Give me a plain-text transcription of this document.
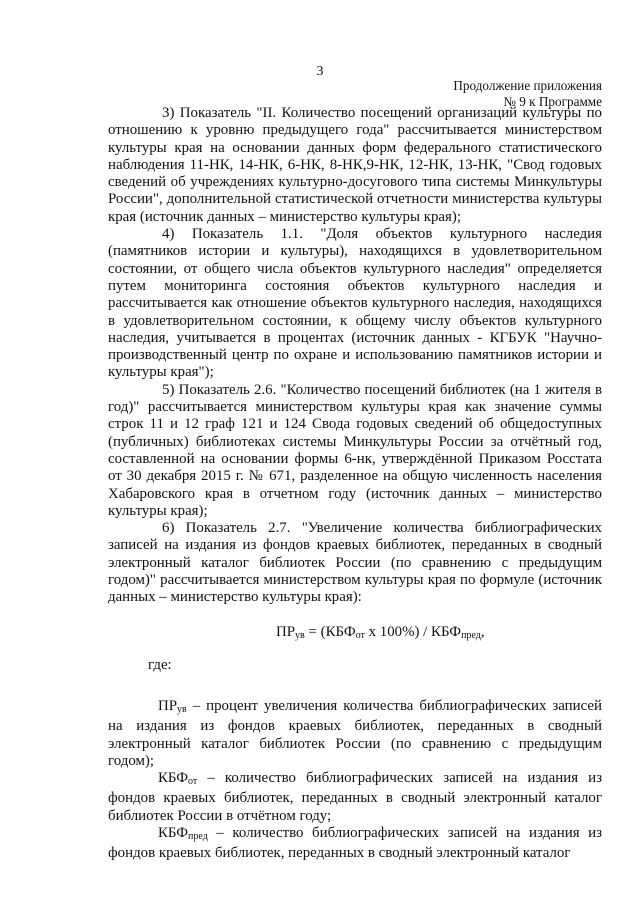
3
Продолжение приложения
№ 9 к Программе

3) Показатель "II. Количество посещений организаций культуры по отношению к уровню предыдущего года" рассчитывается министерством культуры края на основании данных форм федерального статистического наблюдения 11-НК, 14-НК, 6-НК, 8-НК,9-НК, 12-НК, 13-НК, "Свод годовых сведений об учреждениях культурно-досугового типа системы Минкультуры России", дополнительной статистической отчетности министерства культуры края (источник данных – министерство культуры края);

4) Показатель 1.1. "Доля объектов культурного наследия (памятников истории и культуры), находящихся в удовлетворительном состоянии, от общего числа объектов культурного наследия" определяется путем мониторинга состояния объектов культурного наследия и рассчитывается как отношение объектов культурного наследия, находящихся в удовлетворительном состоянии, к общему числу объектов культурного наследия, учитывается в процентах (источник данных - КГБУК "Научно-производственный центр по охране и использованию памятников истории и культуры края");

5) Показатель 2.6. "Количество посещений библиотек (на 1 жителя в год)" рассчитывается министерством культуры края как значение суммы строк 11 и 12 граф 121 и 124 Свода годовых сведений об общедоступных (публичных) библиотеках системы Минкультуры России за отчётный год, составленной на основании формы 6-нк, утверждённой Приказом Росстата от 30 декабря 2015 г. № 671, разделенное на общую численность населения Хабаровского края в отчетном году (источник данных – министерство культуры края);

6) Показатель 2.7. "Увеличение количества библиографических записей на издания из фондов краевых библиотек, переданных в сводный электронный каталог библиотек России (по сравнению с предыдущим годом)" рассчитывается министерством культуры края по формуле (источник данных – министерство культуры края):

$ПР_{ув} = (КБФ_{от}$ х $100\%) / КБФ_{пред}$,
где:

$ПР_{ув}$ – процент увеличения количества библиографических записей на издания из фондов краевых библиотек, переданных в сводный электронный каталог библиотек России (по сравнению с предыдущим годом);

$КБФ_{от}$ – количество библиографических записей на издания из фондов краевых библиотек, переданных в сводный электронный каталог библиотек России в отчётном году;

$КБФ_{пред}$ – количество библиографических записей на издания из фондов краевых библиотек, переданных в сводный электронный каталог
